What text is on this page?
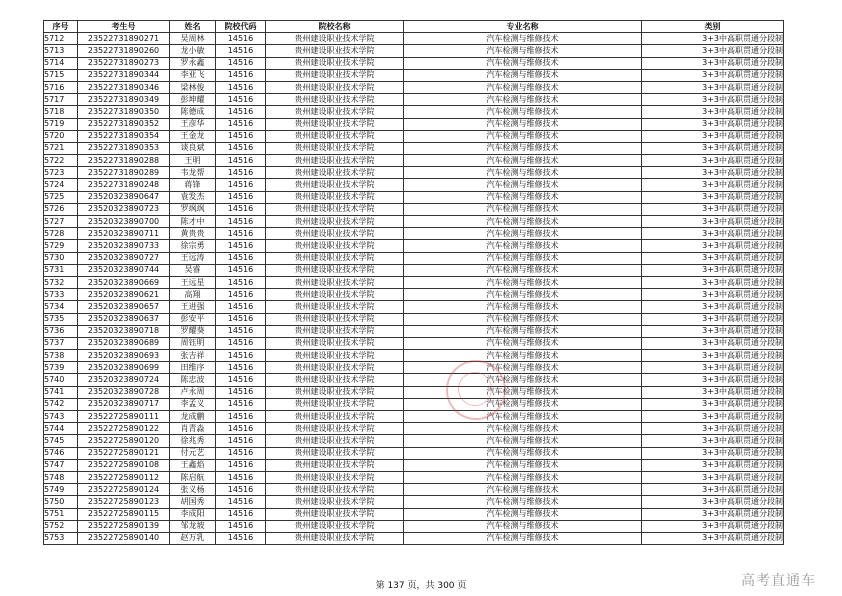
序号	考生号	姓名	院校代码	院校名称	专业名称	类别
5712	23522731890271	吴周林	14516	贵州建设职业技术学院	汽车检测与维修技术	3+3中高职贯通分段制
5713	23522731890260	龙小敏	14516	贵州建设职业技术学院	汽车检测与维修技术	3+3中高职贯通分段制
5714	23522731890273	罗永鑫	14516	贵州建设职业技术学院	汽车检测与维修技术	3+3中高职贯通分段制
5715	23522731890344	李亚飞	14516	贵州建设职业技术学院	汽车检测与维修技术	3+3中高职贯通分段制
5716	23522731890346	梁林俊	14516	贵州建设职业技术学院	汽车检测与维修技术	3+3中高职贯通分段制
5717	23522731890349	彭坤耀	14516	贵州建设职业技术学院	汽车检测与维修技术	3+3中高职贯通分段制
5718	23522731890350	陈德成	14516	贵州建设职业技术学院	汽车检测与维修技术	3+3中高职贯通分段制
5719	23522731890352	王彦华	14516	贵州建设职业技术学院	汽车检测与维修技术	3+3中高职贯通分段制
5720	23522731890354	王金龙	14516	贵州建设职业技术学院	汽车检测与维修技术	3+3中高职贯通分段制
5721	23522731890353	谈良斌	14516	贵州建设职业技术学院	汽车检测与维修技术	3+3中高职贯通分段制
5722	23522731890288	王明	14516	贵州建设职业技术学院	汽车检测与维修技术	3+3中高职贯通分段制
5723	23522731890289	韦龙帮	14516	贵州建设职业技术学院	汽车检测与维修技术	3+3中高职贯通分段制
5724	23522731890248	蒋锋	14516	贵州建设职业技术学院	汽车检测与维修技术	3+3中高职贯通分段制
5725	23520323890647	袁发杰	14516	贵州建设职业技术学院	汽车检测与维修技术	3+3中高职贯通分段制
5726	23520323890723	罗飒飒	14516	贵州建设职业技术学院	汽车检测与维修技术	3+3中高职贯通分段制
5727	23520323890700	陈才中	14516	贵州建设职业技术学院	汽车检测与维修技术	3+3中高职贯通分段制
5728	23520323890711	黄贵贵	14516	贵州建设职业技术学院	汽车检测与维修技术	3+3中高职贯通分段制
5729	23520323890733	徐宗勇	14516	贵州建设职业技术学院	汽车检测与维修技术	3+3中高职贯通分段制
5730	23520323890727	王远涛	14516	贵州建设职业技术学院	汽车检测与维修技术	3+3中高职贯通分段制
5731	23520323890744	吴睿	14516	贵州建设职业技术学院	汽车检测与维修技术	3+3中高职贯通分段制
5732	23520323890669	王远星	14516	贵州建设职业技术学院	汽车检测与维修技术	3+3中高职贯通分段制
5733	23520323890621	高翔	14516	贵州建设职业技术学院	汽车检测与维修技术	3+3中高职贯通分段制
5734	23520323890657	王进强	14516	贵州建设职业技术学院	汽车检测与维修技术	3+3中高职贯通分段制
5735	23520323890637	彭安平	14516	贵州建设职业技术学院	汽车检测与维修技术	3+3中高职贯通分段制
5736	23520323890718	罗耀葵	14516	贵州建设职业技术学院	汽车检测与维修技术	3+3中高职贯通分段制
5737	23520323890689	周钰明	14516	贵州建设职业技术学院	汽车检测与维修技术	3+3中高职贯通分段制
5738	23520323890693	张吉祥	14516	贵州建设职业技术学院	汽车检测与维修技术	3+3中高职贯通分段制
5739	23520323890699	田维序	14516	贵州建设职业技术学院	汽车检测与维修技术	3+3中高职贯通分段制
5740	23520323890724	陈忠波	14516	贵州建设职业技术学院	汽车检测与维修技术	3+3中高职贯通分段制
5741	23520323890728	卢永周	14516	贵州建设职业技术学院	汽车检测与维修技术	3+3中高职贯通分段制
5742	23520323890717	李孟义	14516	贵州建设职业技术学院	汽车检测与维修技术	3+3中高职贯通分段制
5743	23522725890111	龙成鹏	14516	贵州建设职业技术学院	汽车检测与维修技术	3+3中高职贯通分段制
5744	23522725890122	肖青淼	14516	贵州建设职业技术学院	汽车检测与维修技术	3+3中高职贯通分段制
5745	23522725890120	徐兆秀	14516	贵州建设职业技术学院	汽车检测与维修技术	3+3中高职贯通分段制
5746	23522725890121	付元艺	14516	贵州建设职业技术学院	汽车检测与维修技术	3+3中高职贯通分段制
5747	23522725890108	王鑫焰	14516	贵州建设职业技术学院	汽车检测与维修技术	3+3中高职贯通分段制
5748	23522725890112	陈启航	14516	贵州建设职业技术学院	汽车检测与维修技术	3+3中高职贯通分段制
5749	23522725890124	张义杨	14516	贵州建设职业技术学院	汽车检测与维修技术	3+3中高职贯通分段制
5750	23522725890123	胡国秀	14516	贵州建设职业技术学院	汽车检测与维修技术	3+3中高职贯通分段制
5751	23522725890115	李成阳	14516	贵州建设职业技术学院	汽车检测与维修技术	3+3中高职贯通分段制
5752	23522725890139	邹龙坡	14516	贵州建设职业技术学院	汽车检测与维修技术	3+3中高职贯通分段制
5753	23522725890140	赵万乳	14516	贵州建设职业技术学院	汽车检测与维修技术	3+3中高职贯通分段制
第 137 页，共 300 页	高考直通车
